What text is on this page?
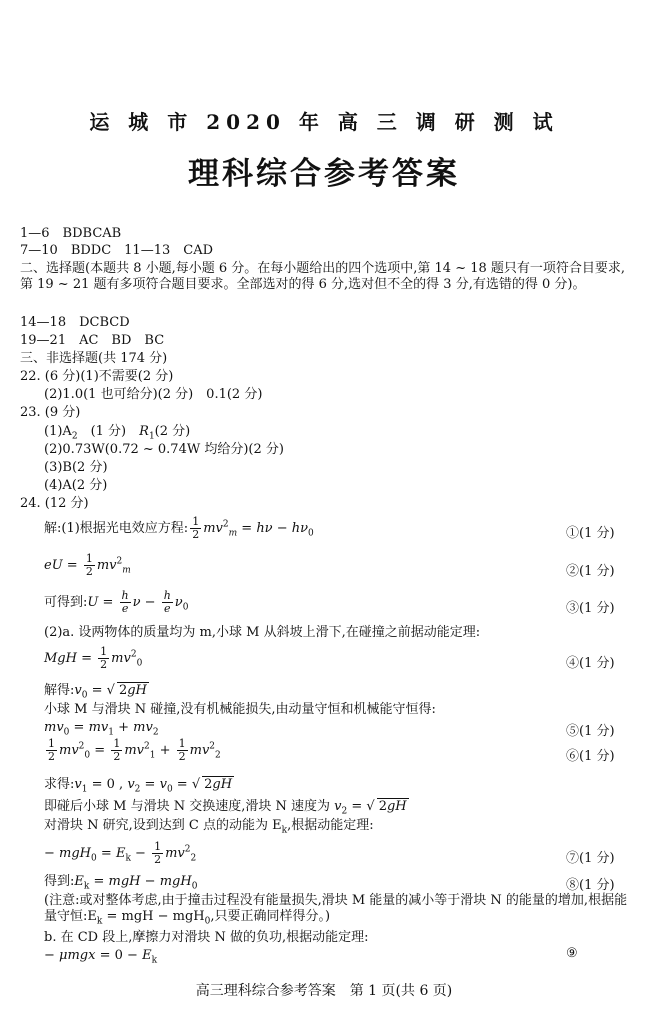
运 城 市 2020 年 高 三 调 研 测 试
理科综合参考答案
1—6　BDBCAB
7—10　BDDC　11—13　CAD
二、选择题(本题共 8 小题,每小题 6 分。在每小题给出的四个选项中,第 14 ~ 18 题只有一项符合目要求,第 19 ~ 21 题有多项符合题目要求。全部选对的得 6 分,选对但不全的得 3 分,有选错的得 0 分)。
14—18　DCBCD
19—21　AC　BD　BC
三、非选择题(共 174 分)
22. (6 分)(1)不需要(2 分)
(2)1.0(1 也可给分)(2 分)　0.1(2 分)
23. (9 分)
$(1)A_2$　 (1 分)　 $R_1(2$ 分)
(2)0.73W(0.72 ~ 0.74W 均给分)(2 分)
(3)B(2 分)
(4)A(2 分)
24. (12 分)
解:(1)根据光电效应方程: $\frac{1}{2} mv^2_m = h\nu - h\nu_0$	①(1 分)
eU = $\frac{1}{2} mv^2_m$	②(1 分)
可得到:U = $\frac{h}{e}$ $\nu - \frac{h}{e} \nu_0$	③(1 分)
(2)a. 设两物体的质量均为 m,小球 M 从斜坡上滑下,在碰撞之前据动能定理:
MgH = $\frac{1}{2} mv^2_0$	④(1 分)
解得$:v_0$ = √ 2gH
小球 M 与滑块 N 碰撞,没有机械能损失,由动量守恒和机械能守恒得:
$mv_0 = mv_1 + mv_2$	⑤(1 分)
$\frac{1}{2} mv^2_0 = \frac{1}{2} mv^2_1 + \frac{1}{2} mv^2_2$	⑥(1 分)
求得$:v_1 = 0$ , $v_2 = v_0$ = √ 2gH
即碰后小球 M 与滑块 N 交换速度,滑块 N 速度为 $v_2$ = √ 2gH
对滑块 N 研究,设到达到 C 点的动能为 $E_k$,根据动能定理:
− $mgH_0 = E_k - \frac{1}{2} mv^2_2$	⑦(1 分)
得到$:E_k$ = mgH − mgH$_0$	⑧(1 分)
(注意:或对整体考虑,由于撞击过程没有能量损失,滑块 M 能量的减小等于滑块 N 的能量的增加,根据能量守恒$:E_k$ = mgH − mgH$_0$,只要正确同样得分。)
b. 在 CD 段上,摩擦力对滑块 N 做的负功,根据动能定理:
− $\mu mgx = 0 - E_k$	⑨
高三理科综合参考答案　第 1 页(共 6 页)
